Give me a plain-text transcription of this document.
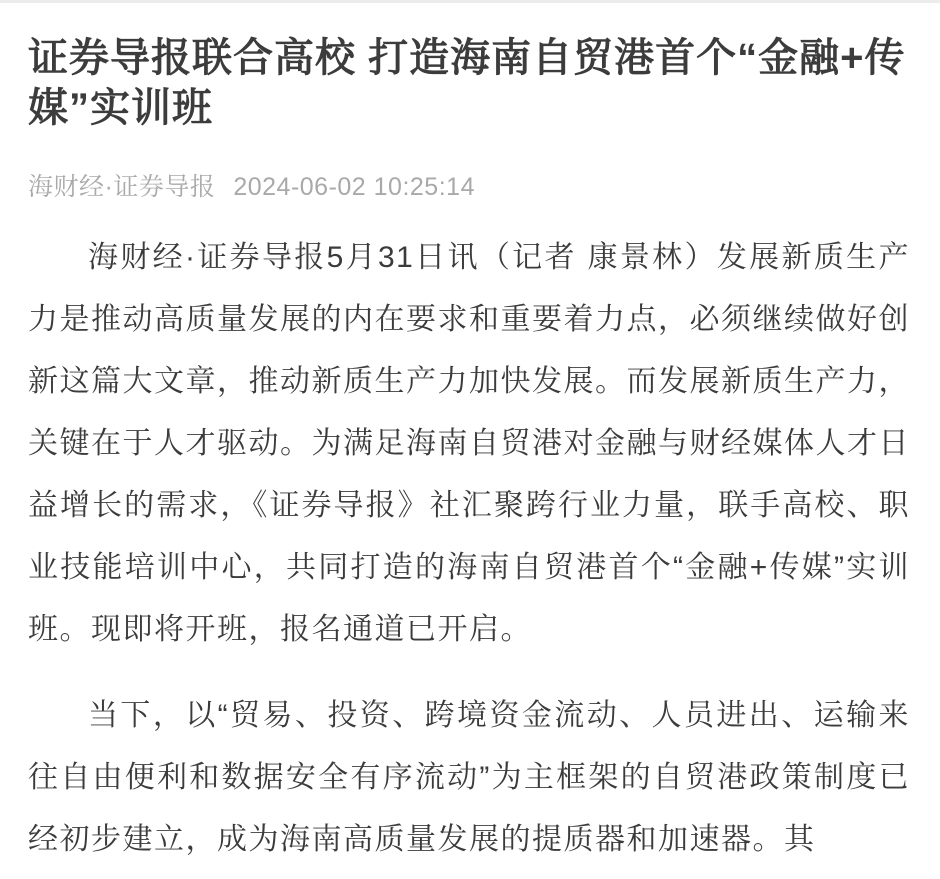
证券导报联合高校 打造海南自贸港首个“金融+传媒”实训班
海财经·证券导报 2024-06-02 10:25:14

海财经·证券导报5月31日讯（记者 康景林）发展新质生产力是推动高质量发展的内在要求和重要着力点，必须继续做好创新这篇大文章，推动新质生产力加快发展。而发展新质生产力，关键在于人才驱动。为满足海南自贸港对金融与财经媒体人才日益增长的需求，《证券导报》社汇聚跨行业力量，联手高校、职业技能培训中心，共同打造的海南自贸港首个“金融+传媒”实训班。现即将开班，报名通道已开启。

当下，以“贸易、投资、跨境资金流动、人员进出、运输来往自由便利和数据安全有序流动”为主框架的自贸港政策制度已经初步建立，成为海南高质量发展的提质器和加速器。其
